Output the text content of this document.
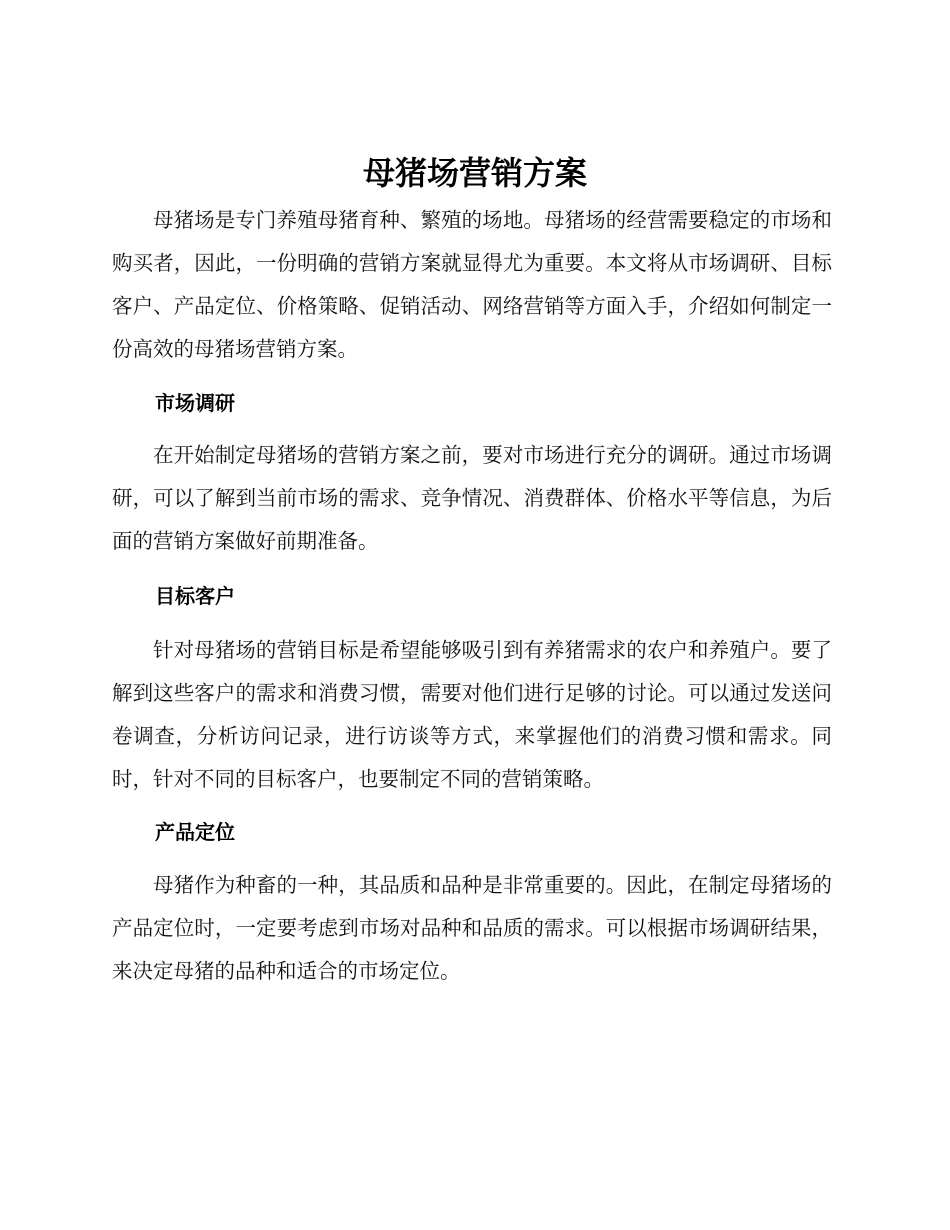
母猪场营销方案

母猪场是专门养殖母猪育种、繁殖的场地。母猪场的经营需要稳定的市场和购买者，因此，一份明确的营销方案就显得尤为重要。本文将从市场调研、目标客户、产品定位、价格策略、促销活动、网络营销等方面入手，介绍如何制定一份高效的母猪场营销方案。

市场调研

在开始制定母猪场的营销方案之前，要对市场进行充分的调研。通过市场调研，可以了解到当前市场的需求、竞争情况、消费群体、价格水平等信息，为后面的营销方案做好前期准备。

目标客户

针对母猪场的营销目标是希望能够吸引到有养猪需求的农户和养殖户。要了解到这些客户的需求和消费习惯，需要对他们进行足够的讨论。可以通过发送问卷调查，分析访问记录，进行访谈等方式，来掌握他们的消费习惯和需求。同时，针对不同的目标客户，也要制定不同的营销策略。

产品定位

母猪作为种畜的一种，其品质和品种是非常重要的。因此，在制定母猪场的产品定位时，一定要考虑到市场对品种和品质的需求。可以根据市场调研结果，来决定母猪的品种和适合的市场定位。
